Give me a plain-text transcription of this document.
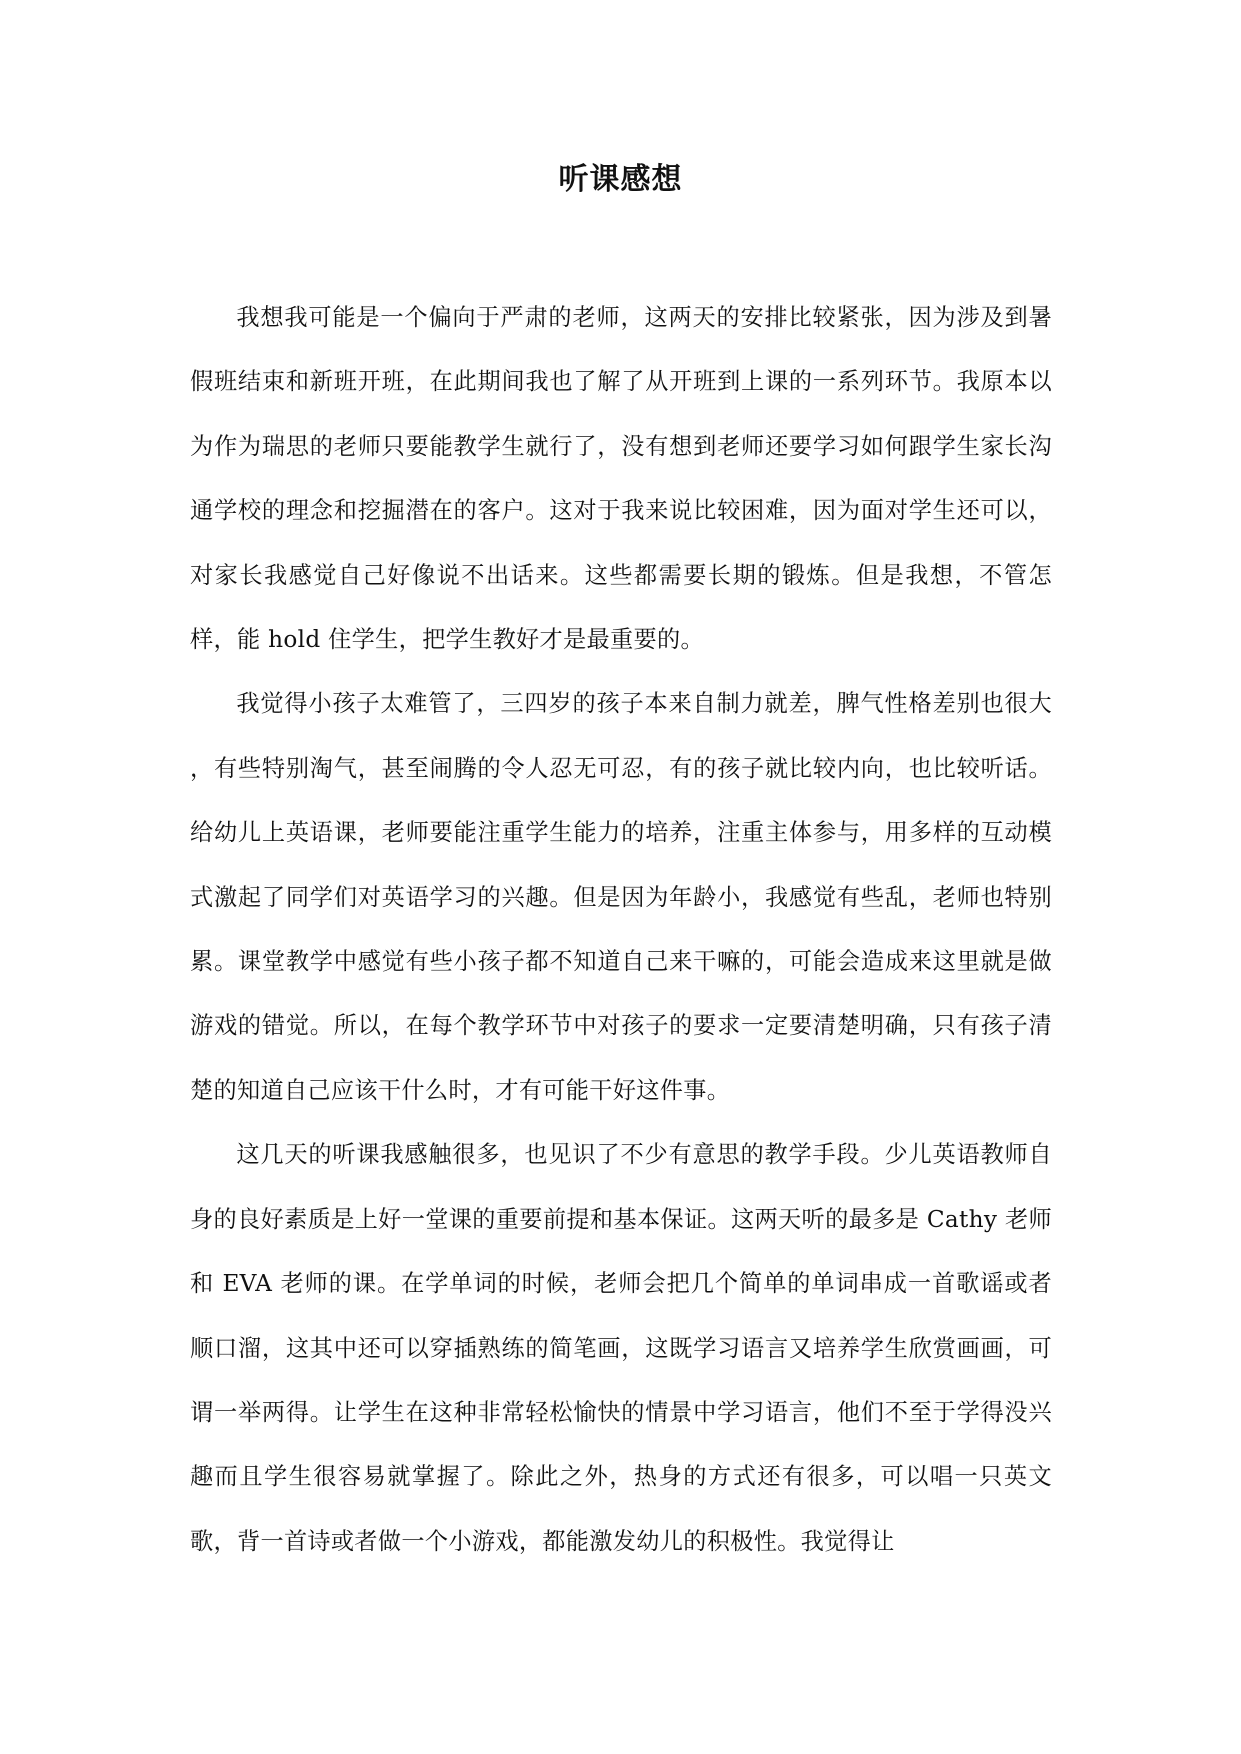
听课感想

我想我可能是一个偏向于严肃的老师，这两天的安排比较紧张，因为涉及到暑假班结束和新班开班，在此期间我也了解了从开班到上课的一系列环节。我原本以为作为瑞思的老师只要能教学生就行了，没有想到老师还要学习如何跟学生家长沟通学校的理念和挖掘潜在的客户。这对于我来说比较困难，因为面对学生还可以，对家长我感觉自己好像说不出话来。这些都需要长期的锻炼。但是我想，不管怎样，能 hold 住学生，把学生教好才是最重要的。

我觉得小孩子太难管了，三四岁的孩子本来自制力就差，脾气性格差别也很大 ，有些特别淘气，甚至闹腾的令人忍无可忍，有的孩子就比较内向，也比较听话。给幼儿上英语课，老师要能注重学生能力的培养，注重主体参与，用多样的互动模式激起了同学们对英语学习的兴趣。但是因为年龄小，我感觉有些乱，老师也特别累。课堂教学中感觉有些小孩子都不知道自己来干嘛的，可能会造成来这里就是做游戏的错觉。所以，在每个教学环节中对孩子的要求一定要清楚明确，只有孩子清楚的知道自己应该干什么时，才有可能干好这件事。

这几天的听课我感触很多，也见识了不少有意思的教学手段。少儿英语教师自身的良好素质是上好一堂课的重要前提和基本保证。这两天听的最多是 Cathy 老师和 EVA 老师的课。在学单词的时候，老师会把几个简单的单词串成一首歌谣或者顺口溜，这其中还可以穿插熟练的简笔画，这既学习语言又培养学生欣赏画画，可谓一举两得。让学生在这种非常轻松愉快的情景中学习语言，他们不至于学得没兴趣而且学生很容易就掌握了。除此之外，热身的方式还有很多，可以唱一只英文歌，背一首诗或者做一个小游戏，都能激发幼儿的积极性。我觉得让
